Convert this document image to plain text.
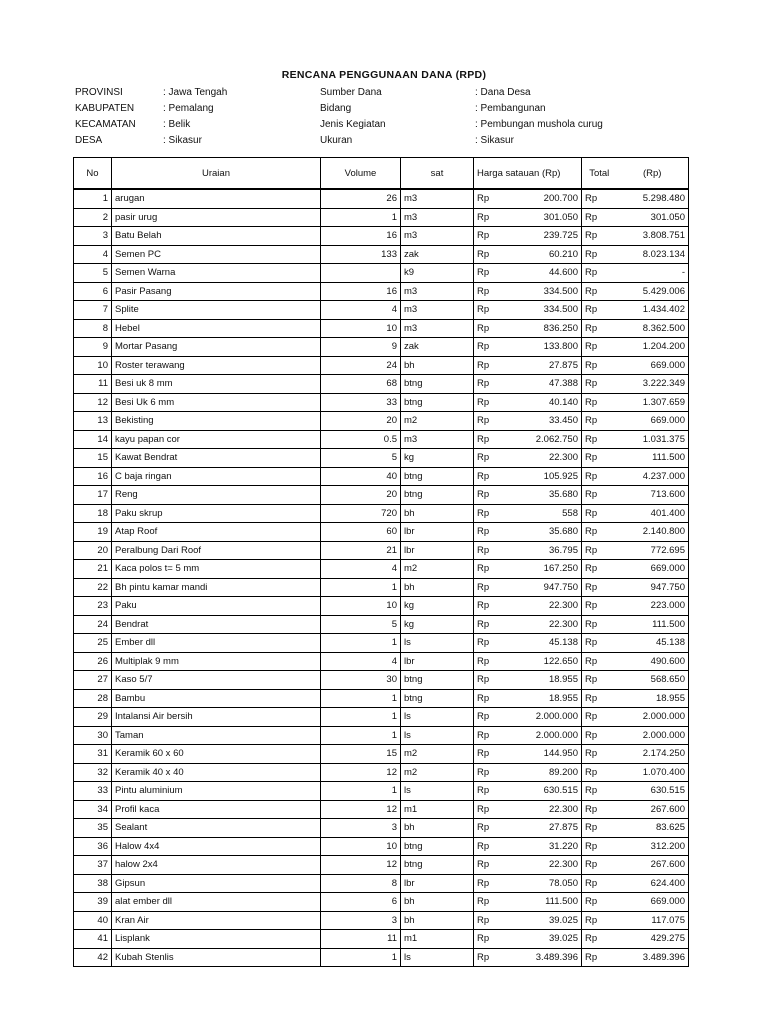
RENCANA PENGGUNAAN DANA (RPD)
PROVINSI	: Jawa Tengah
KABUPATEN	: Pemalang
KECAMATAN	: Belik
DESA	: Sikasur
Sumber Dana	: Dana Desa
Bidang	: Pembangunan
Jenis Kegiatan	: Pembungan mushola curug
Ukuran	: Sikasur
No	Uraian	Volume	sat	Harga satauan (Rp)		Total	(Rp)
1	arugan	26	m3	Rp	200.700	Rp	5.298.480
2	pasir urug	1	m3	Rp	301.050	Rp	301.050
3	Batu Belah	16	m3	Rp	239.725	Rp	3.808.751
4	Semen PC	133	zak	Rp	60.210	Rp	8.023.134
5	Semen Warna		k9	Rp	44.600	Rp	-
6	Pasir Pasang	16	m3	Rp	334.500	Rp	5.429.006
7	Splite	4	m3	Rp	334.500	Rp	1.434.402
8	Hebel	10	m3	Rp	836.250	Rp	8.362.500
9	Mortar Pasang	9	zak	Rp	133.800	Rp	1.204.200
10	Roster terawang	24	bh	Rp	27.875	Rp	669.000
11	Besi uk 8 mm	68	btng	Rp	47.388	Rp	3.222.349
12	Besi Uk 6 mm	33	btng	Rp	40.140	Rp	1.307.659
13	Bekisting	20	m2	Rp	33.450	Rp	669.000
14	kayu papan cor	0.5	m3	Rp	2.062.750	Rp	1.031.375
15	Kawat Bendrat	5	kg	Rp	22.300	Rp	111.500
16	C baja ringan	40	btng	Rp	105.925	Rp	4.237.000
17	Reng	20	btng	Rp	35.680	Rp	713.600
18	Paku skrup	720	bh	Rp	558	Rp	401.400
19	Atap Roof	60	lbr	Rp	35.680	Rp	2.140.800
20	Peralbung Dari Roof	21	lbr	Rp	36.795	Rp	772.695
21	Kaca polos t= 5 mm	4	m2	Rp	167.250	Rp	669.000
22	Bh pintu kamar mandi	1	bh	Rp	947.750	Rp	947.750
23	Paku	10	kg	Rp	22.300	Rp	223.000
24	Bendrat	5	kg	Rp	22.300	Rp	111.500
25	Ember dll	1	ls	Rp	45.138	Rp	45.138
26	Multiplak 9 mm	4	lbr	Rp	122.650	Rp	490.600
27	Kaso 5/7	30	btng	Rp	18.955	Rp	568.650
28	Bambu	1	btng	Rp	18.955	Rp	18.955
29	Intalansi Air bersih	1	ls	Rp	2.000.000	Rp	2.000.000
30	Taman	1	ls	Rp	2.000.000	Rp	2.000.000
31	Keramik 60 x 60	15	m2	Rp	144.950	Rp	2.174.250
32	Keramik 40 x 40	12	m2	Rp	89.200	Rp	1.070.400
33	Pintu aluminium	1	ls	Rp	630.515	Rp	630.515
34	Profil kaca	12	m1	Rp	22.300	Rp	267.600
35	Sealant	3	bh	Rp	27.875	Rp	83.625
36	Halow 4x4	10	btng	Rp	31.220	Rp	312.200
37	halow 2x4	12	btng	Rp	22.300	Rp	267.600
38	Gipsun	8	lbr	Rp	78.050	Rp	624.400
39	alat ember dll	6	bh	Rp	111.500	Rp	669.000
40	Kran Air	3	bh	Rp	39.025	Rp	117.075
41	Lisplank	11	m1	Rp	39.025	Rp	429.275
42	Kubah Stenlis	1	ls	Rp	3.489.396	Rp	3.489.396
